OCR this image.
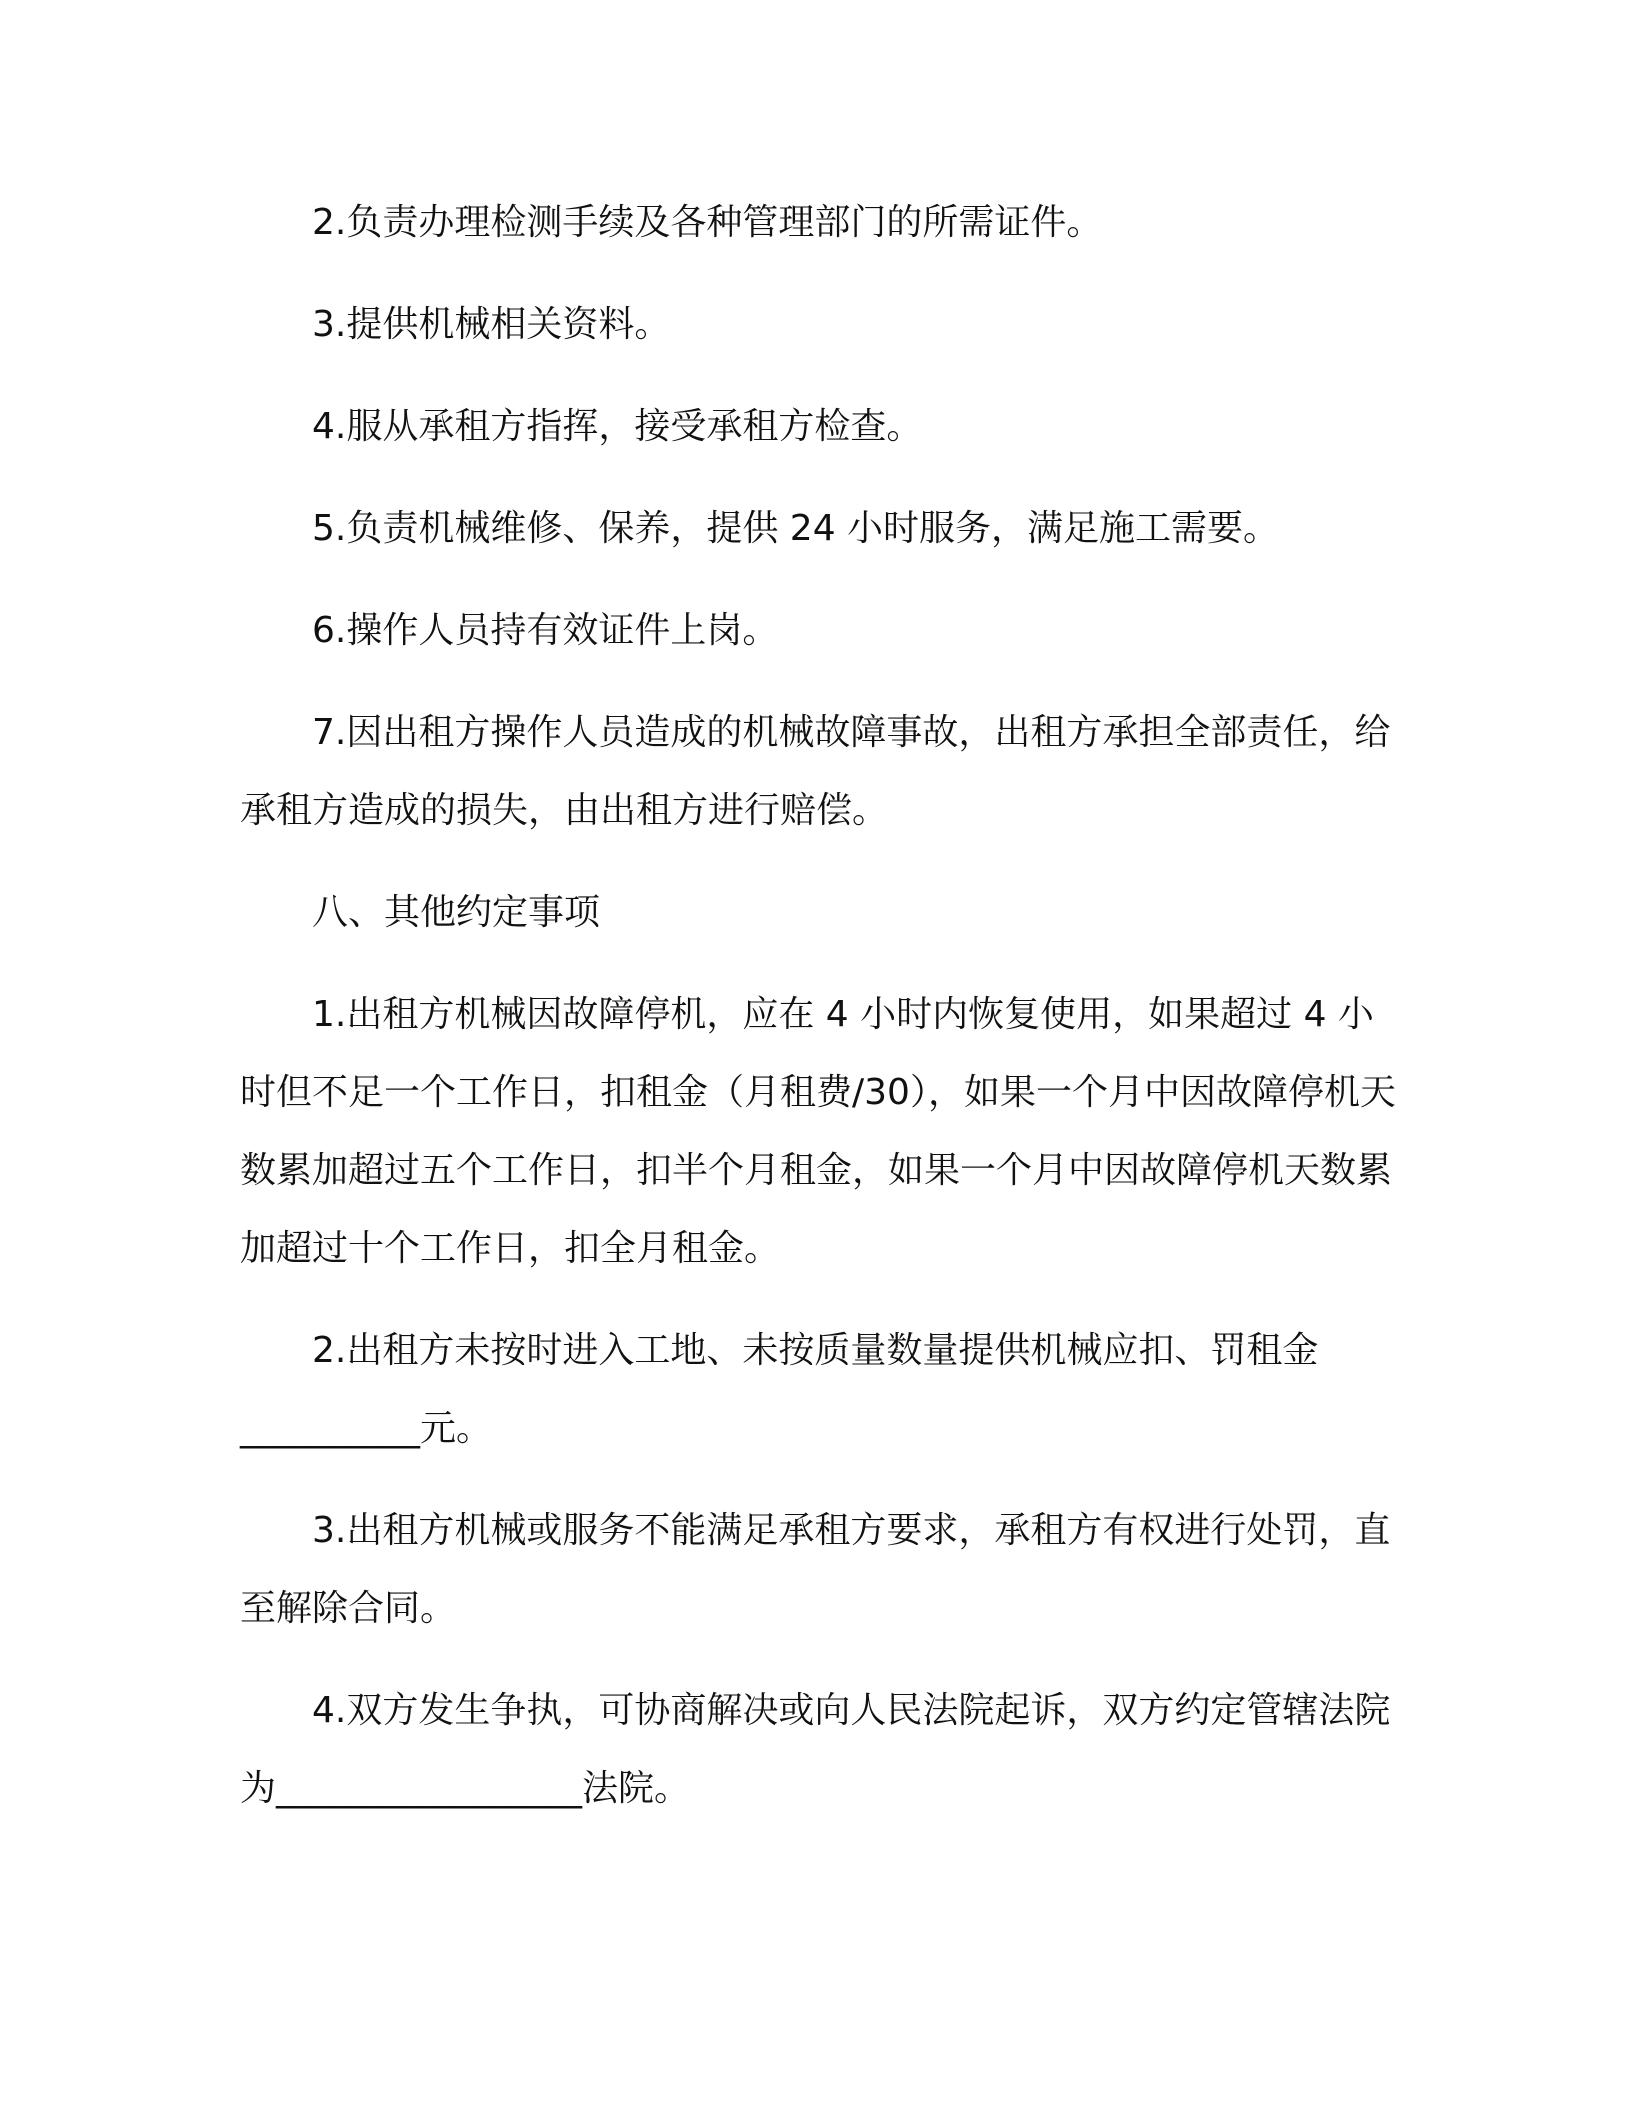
2.负责办理检测手续及各种管理部门的所需证件。

3.提供机械相关资料。

4.服从承租方指挥，接受承租方检查。

5.负责机械维修、保养，提供 24 小时服务，满足施工需要。

6.操作人员持有效证件上岗。

7.因出租方操作人员造成的机械故障事故，出租方承担全部责任，给承租方造成的损失，由出租方进行赔偿。

八、其他约定事项

1.出租方机械因故障停机，应在 4 小时内恢复使用，如果超过 4 小时但不足一个工作日，扣租金（月租费/30），如果一个月中因故障停机天数累加超过五个工作日，扣半个月租金，如果一个月中因故障停机天数累加超过十个工作日，扣全月租金。

2.出租方未按时进入工地、未按质量数量提供机械应扣、罚租金__________元。

3.出租方机械或服务不能满足承租方要求，承租方有权进行处罚，直至解除合同。

4.双方发生争执，可协商解决或向人民法院起诉，双方约定管辖法院为_________________法院。
